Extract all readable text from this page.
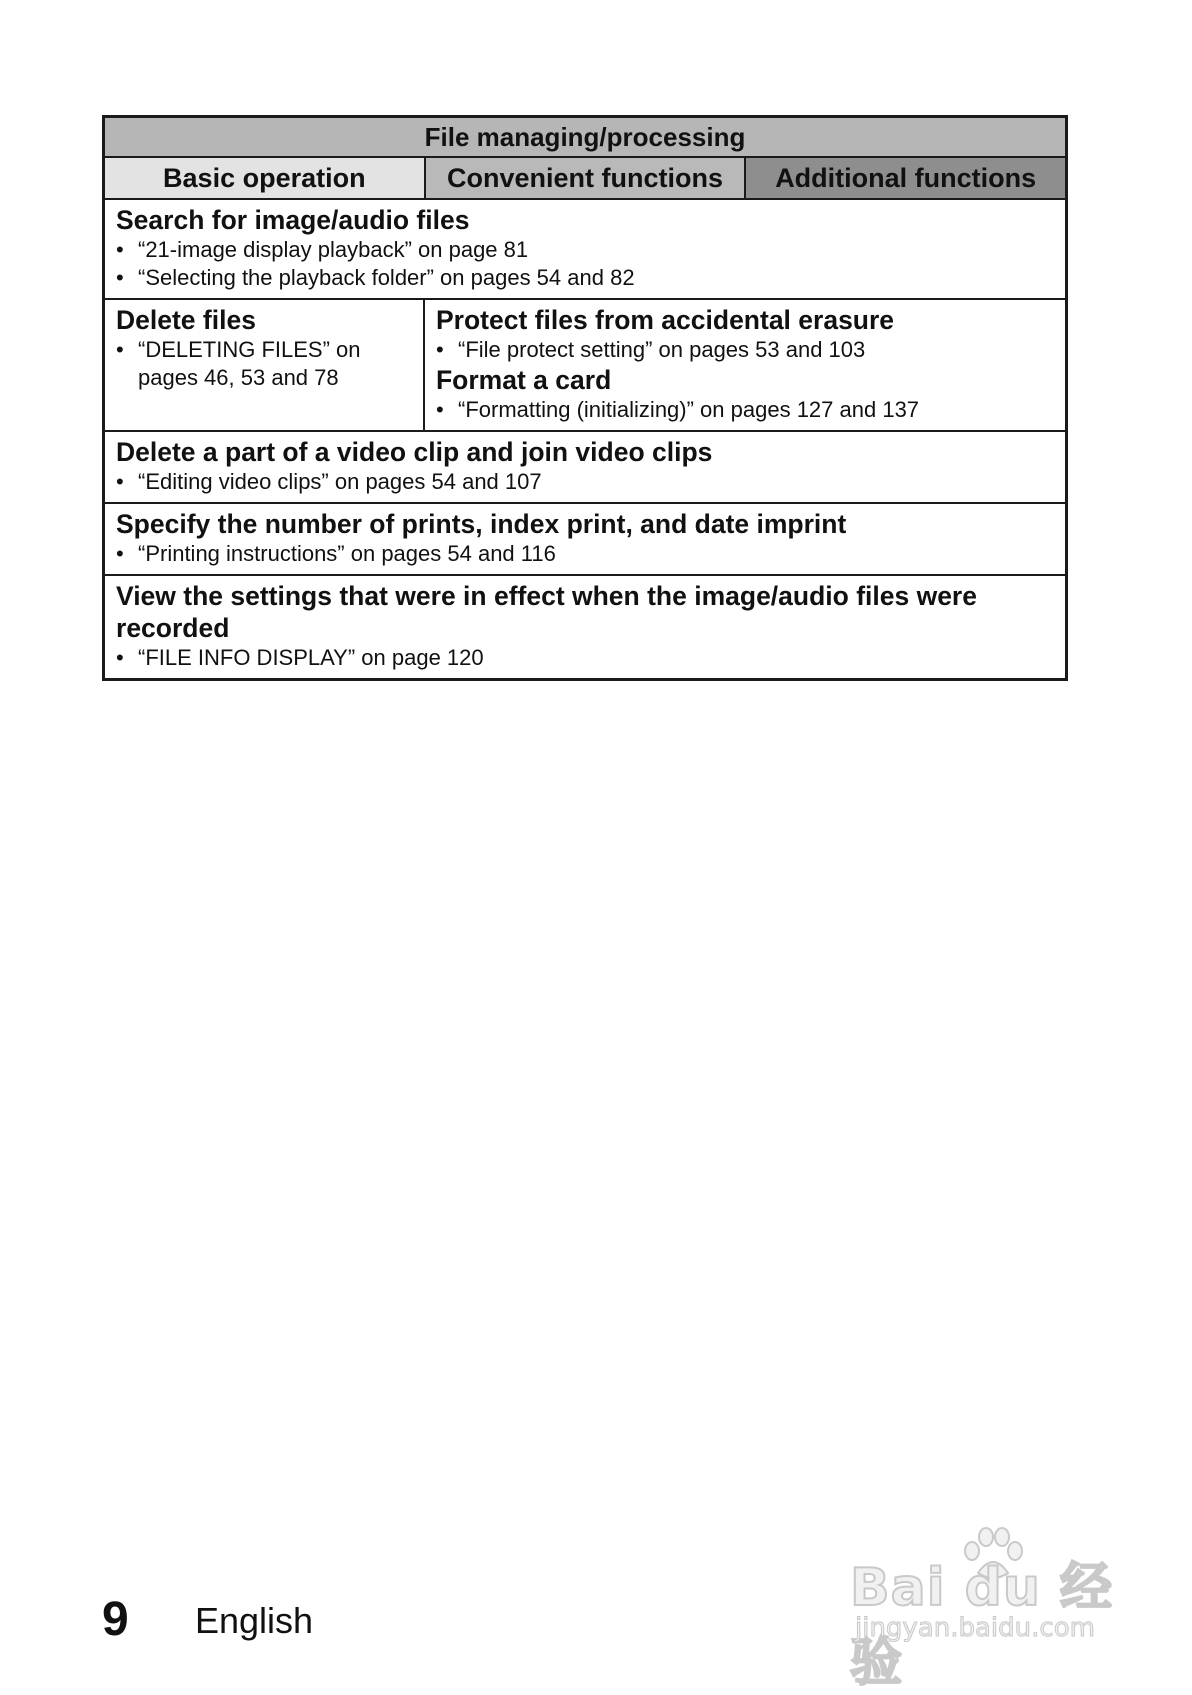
File managing/processing
Basic operation	Convenient functions	Additional functions
Search for image/audio files
• “21-image display playback” on page 81
• “Selecting the playback folder” on pages 54 and 82
Delete files
• “DELETING FILES” on pages 46, 53 and 78
Protect files from accidental erasure
• “File protect setting” on pages 53 and 103
Format a card
• “Formatting (initializing)” on pages 127 and 137
Delete a part of a video clip and join video clips
• “Editing video clips” on pages 54 and 107
Specify the number of prints, index print, and date imprint
• “Printing instructions” on pages 54 and 116
View the settings that were in effect when the image/audio files were recorded
• “FILE INFO DISPLAY” on page 120
9 English
Bai du 经验
jingyan.baidu.com
